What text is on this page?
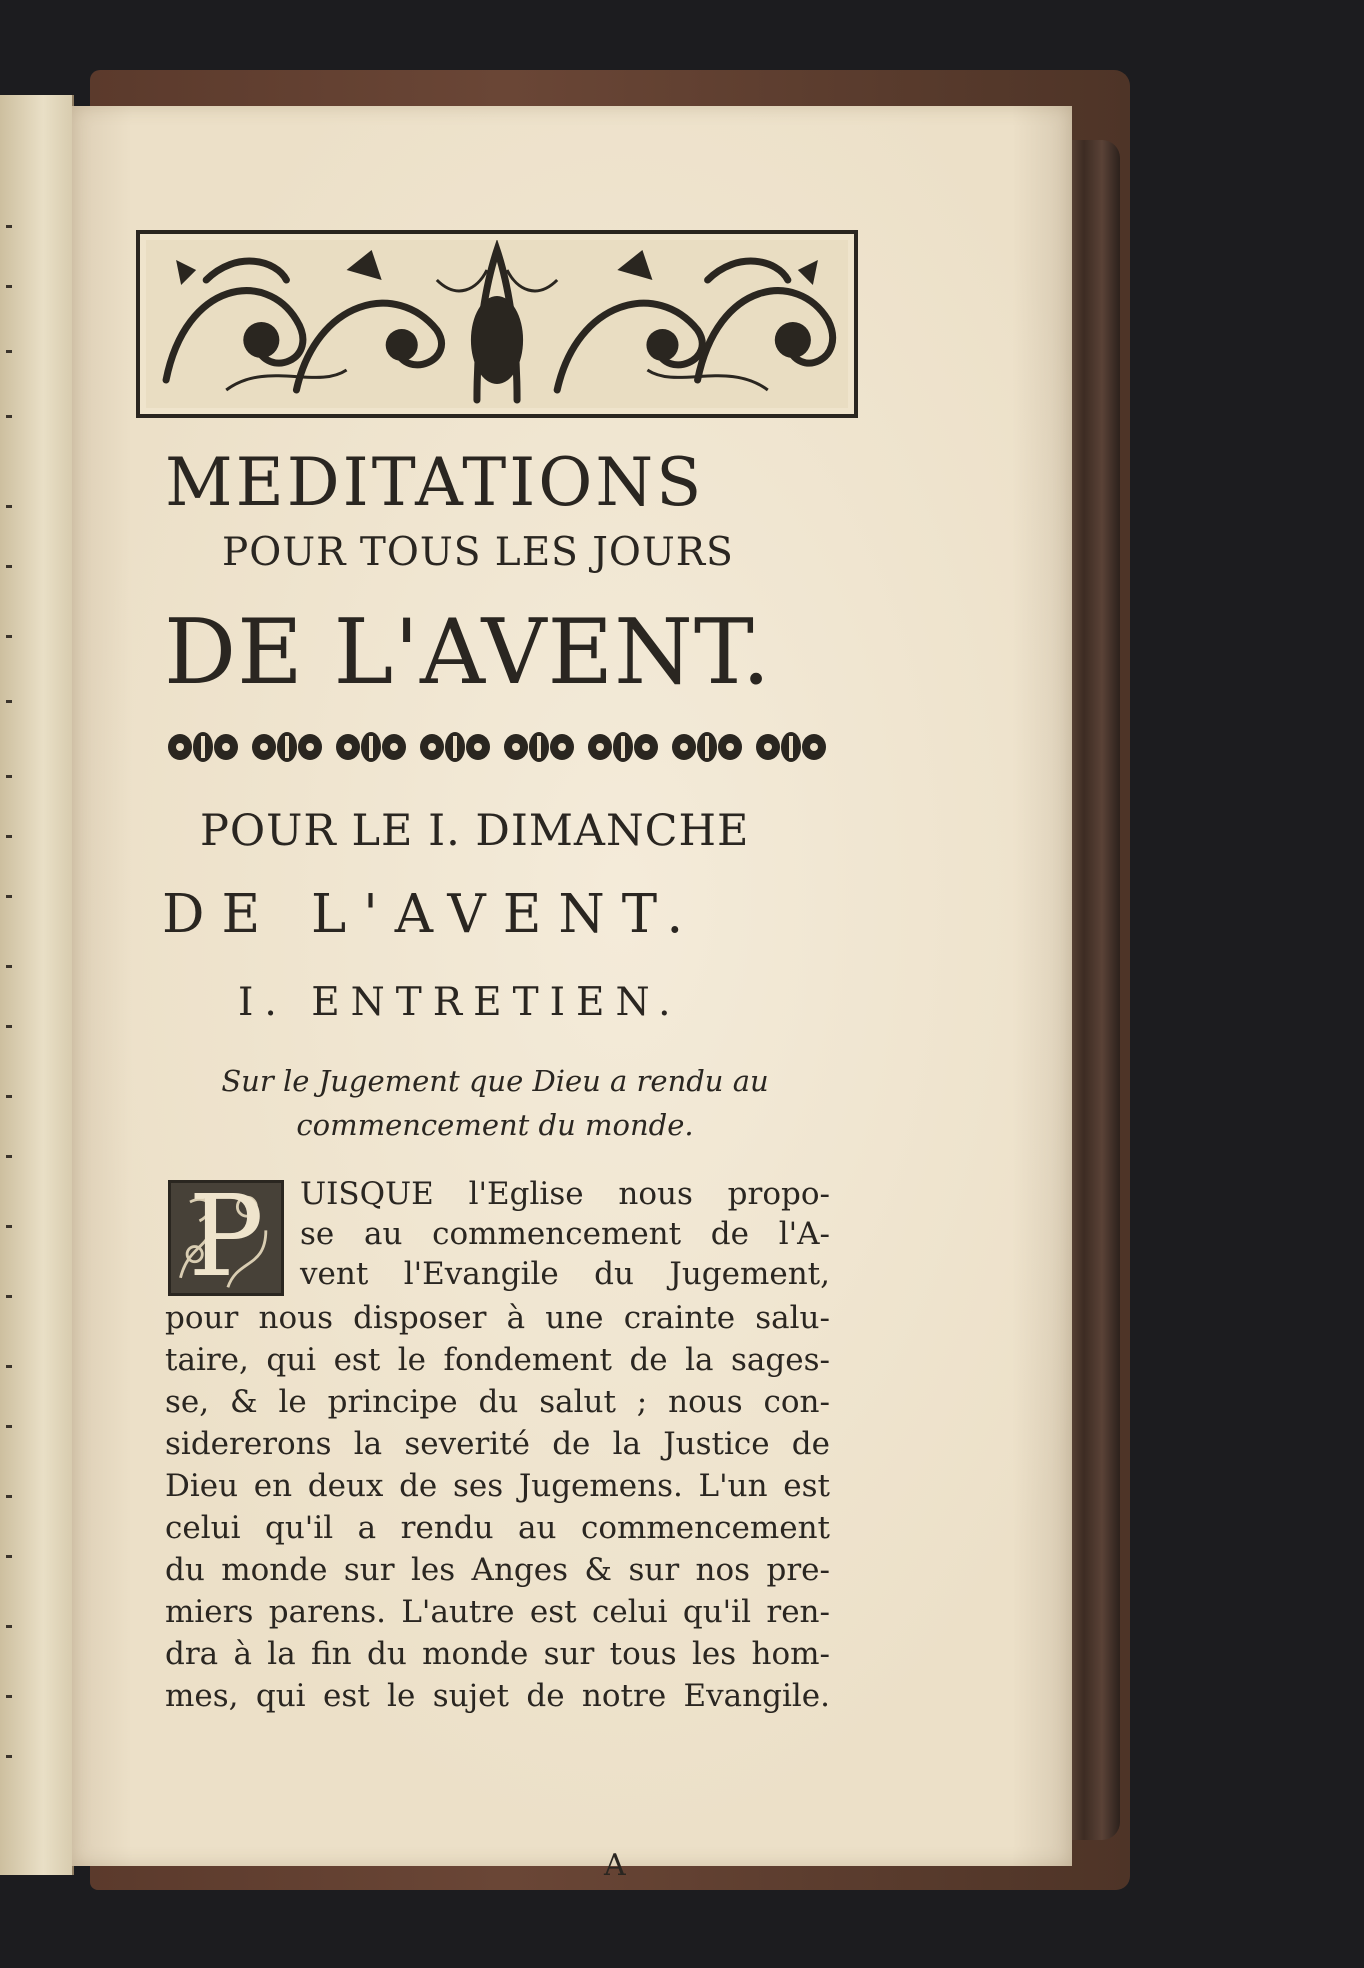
MEDITATIONS
POUR TOUS LES JOURS
DE L'AVENT.
POUR LE I. DIMANCHE
DE L'AVENT.
I. ENTRETIEN.
Sur le Jugement que Dieu a rendu au
commencement du monde.
P	UISQUE l'Eglise nous propo-
se au commencement de l'A-
vent l'Evangile du Jugement,
pour nous disposer à une crainte salu-
taire, qui est le fondement de la sages-
se, & le principe du salut ; nous con-
sidererons la severité de la Justice de
Dieu en deux de ses Jugemens. L'un est
celui qu'il a rendu au commencement
du monde sur les Anges & sur nos pre-
miers parens. L'autre est celui qu'il ren-
dra à la fin du monde sur tous les hom-
mes, qui est le sujet de notre Evangile.
A
